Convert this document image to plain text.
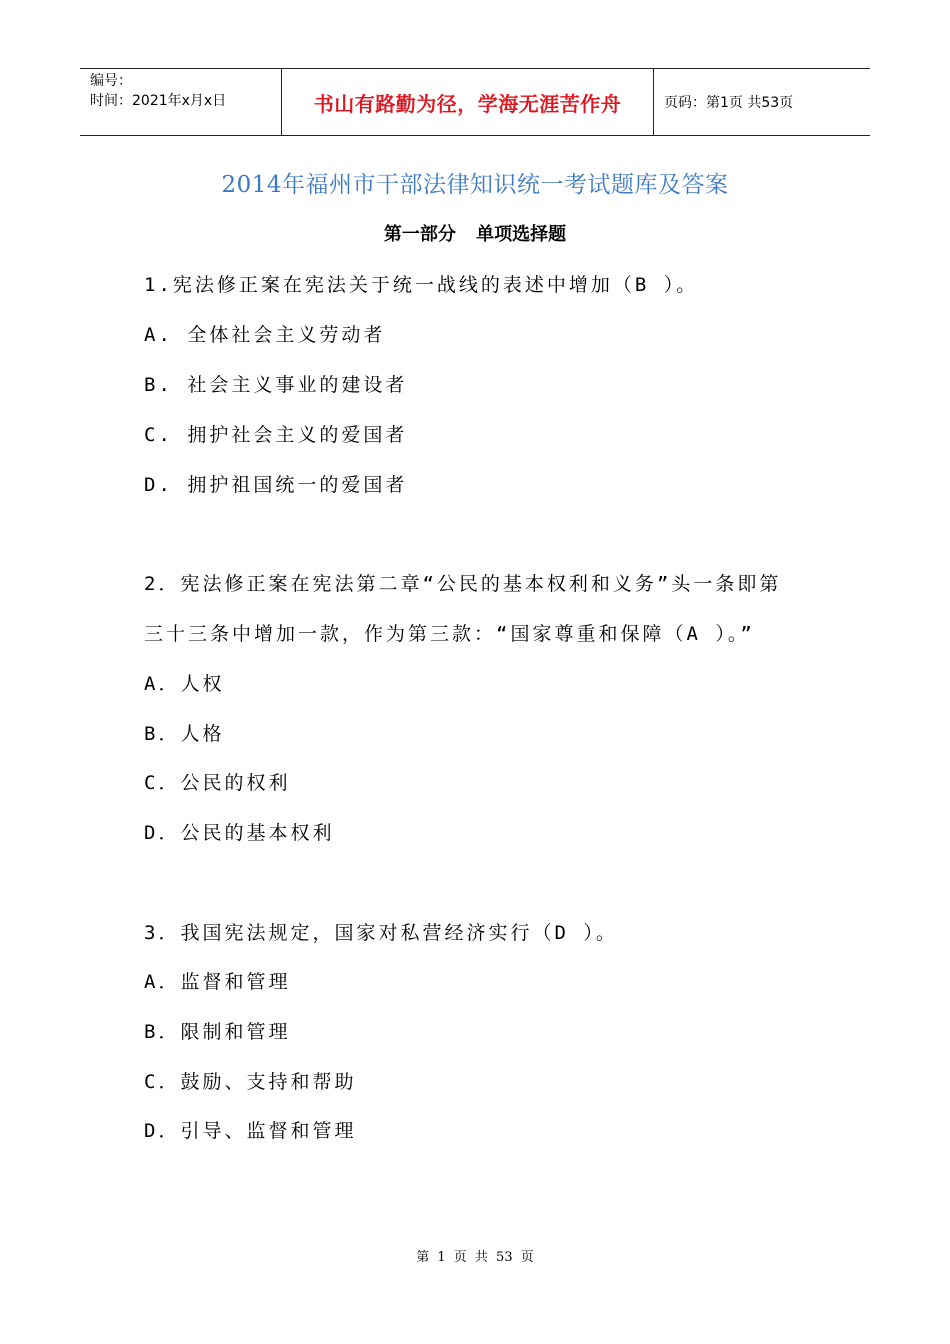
编号：
时间：2021年x月x日	书山有路勤为径，学海无涯苦作舟	页码：第1页 共53页
2014年福州市干部法律知识统一考试题库及答案
第一部分 单项选择题
1.宪法修正案在宪法关于统一战线的表述中增加（B ）。
A. 全体社会主义劳动者
B. 社会主义事业的建设者
C. 拥护社会主义的爱国者
D. 拥护祖国统一的爱国者
2．宪法修正案在宪法第二章“公民的基本权利和义务”头一条即第
三十三条中增加一款，作为第三款：“国家尊重和保障（A ）。”
A．人权
B．人格
C．公民的权利
D．公民的基本权利
3．我国宪法规定，国家对私营经济实行（D ）。
A．监督和管理
B．限制和管理
C．鼓励、支持和帮助
D．引导、监督和管理
第 1 页 共 53 页
